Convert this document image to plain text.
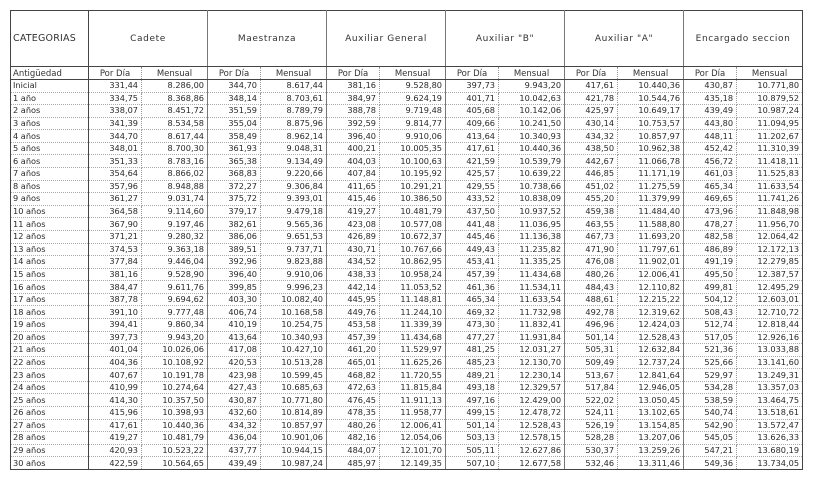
CATEGORIAS	Cadete		Maestranza		Auxiliar General		Auxiliar "B"		Auxiliar "A"		Encargado seccion	
Antigüedad	Por Día	Mensual	Por Día	Mensual	Por Día	Mensual	Por Día	Mensual	Por Día	Mensual	Por Día	Mensual
Inicial	331,44	8.286,00	344,70	8.617,44	381,16	9.528,80	397,73	9.943,20	417,61	10.440,36	430,87	10.771,80
1 año	334,75	8.368,86	348,14	8.703,61	384,97	9.624,19	401,71	10.042,63	421,78	10.544,76	435,18	10.879,52
2 años	338,07	8.451,72	351,59	8.789,79	388,78	9.719,48	405,68	10.142,06	425,97	10.649,17	439,49	10.987,24
3 años	341,39	8.534,58	355,04	8.875,96	392,59	9.814,77	409,66	10.241,50	430,14	10.753,57	443,80	11.094,95
4 años	344,70	8.617,44	358,49	8.962,14	396,40	9.910,06	413,64	10.340,93	434,32	10.857,97	448,11	11.202,67
5 años	348,01	8.700,30	361,93	9.048,31	400,21	10.005,35	417,61	10.440,36	438,50	10.962,38	452,42	11.310,39
6 años	351,33	8.783,16	365,38	9.134,49	404,03	10.100,63	421,59	10.539,79	442,67	11.066,78	456,72	11.418,11
7 años	354,64	8.866,02	368,83	9.220,66	407,84	10.195,92	425,57	10.639,22	446,85	11.171,19	461,03	11.525,83
8 años	357,96	8.948,88	372,27	9.306,84	411,65	10.291,21	429,55	10.738,66	451,02	11.275,59	465,34	11.633,54
9 años	361,27	9.031,74	375,72	9.393,01	415,46	10.386,50	433,52	10.838,09	455,20	11.379,99	469,65	11.741,26
10 años	364,58	9.114,60	379,17	9.479,18	419,27	10.481,79	437,50	10.937,52	459,38	11.484,40	473,96	11.848,98
11 años	367,90	9.197,46	382,61	9.565,36	423,08	10.577,08	441,48	11.036,95	463,55	11.588,80	478,27	11.956,70
12 años	371,21	9.280,32	386,06	9.651,53	426,89	10.672,37	445,46	11.136,38	467,73	11.693,20	482,58	12.064,42
13 años	374,53	9.363,18	389,51	9.737,71	430,71	10.767,66	449,43	11.235,82	471,90	11.797,61	486,89	12.172,13
14 años	377,84	9.446,04	392,96	9.823,88	434,52	10.862,95	453,41	11.335,25	476,08	11.902,01	491,19	12.279,85
15 años	381,16	9.528,90	396,40	9.910,06	438,33	10.958,24	457,39	11.434,68	480,26	12.006,41	495,50	12.387,57
16 años	384,47	9.611,76	399,85	9.996,23	442,14	11.053,52	461,36	11.534,11	484,43	12.110,82	499,81	12.495,29
17 años	387,78	9.694,62	403,30	10.082,40	445,95	11.148,81	465,34	11.633,54	488,61	12.215,22	504,12	12.603,01
18 años	391,10	9.777,48	406,74	10.168,58	449,76	11.244,10	469,32	11.732,98	492,78	12.319,62	508,43	12.710,72
19 años	394,41	9.860,34	410,19	10.254,75	453,58	11.339,39	473,30	11.832,41	496,96	12.424,03	512,74	12.818,44
20 años	397,73	9.943,20	413,64	10.340,93	457,39	11.434,68	477,27	11.931,84	501,14	12.528,43	517,05	12.926,16
21 años	401,04	10.026,06	417,08	10.427,10	461,20	11.529,97	481,25	12.031,27	505,31	12.632,84	521,36	13.033,88
22 años	404,36	10.108,92	420,53	10.513,28	465,01	11.625,26	485,23	12.130,70	509,49	12.737,24	525,66	13.141,60
23 años	407,67	10.191,78	423,98	10.599,45	468,82	11.720,55	489,21	12.230,14	513,67	12.841,64	529,97	13.249,31
24 años	410,99	10.274,64	427,43	10.685,63	472,63	11.815,84	493,18	12.329,57	517,84	12.946,05	534,28	13.357,03
25 años	414,30	10.357,50	430,87	10.771,80	476,45	11.911,13	497,16	12.429,00	522,02	13.050,45	538,59	13.464,75
26 años	415,96	10.398,93	432,60	10.814,89	478,35	11.958,77	499,15	12.478,72	524,11	13.102,65	540,74	13.518,61
27 años	417,61	10.440,36	434,32	10.857,97	480,26	12.006,41	501,14	12.528,43	526,19	13.154,85	542,90	13.572,47
28 años	419,27	10.481,79	436,04	10.901,06	482,16	12.054,06	503,13	12.578,15	528,28	13.207,06	545,05	13.626,33
29 años	420,93	10.523,22	437,77	10.944,15	484,07	12.101,70	505,11	12.627,86	530,37	13.259,26	547,21	13.680,19
30 años	422,59	10.564,65	439,49	10.987,24	485,97	12.149,35	507,10	12.677,58	532,46	13.311,46	549,36	13.734,05
